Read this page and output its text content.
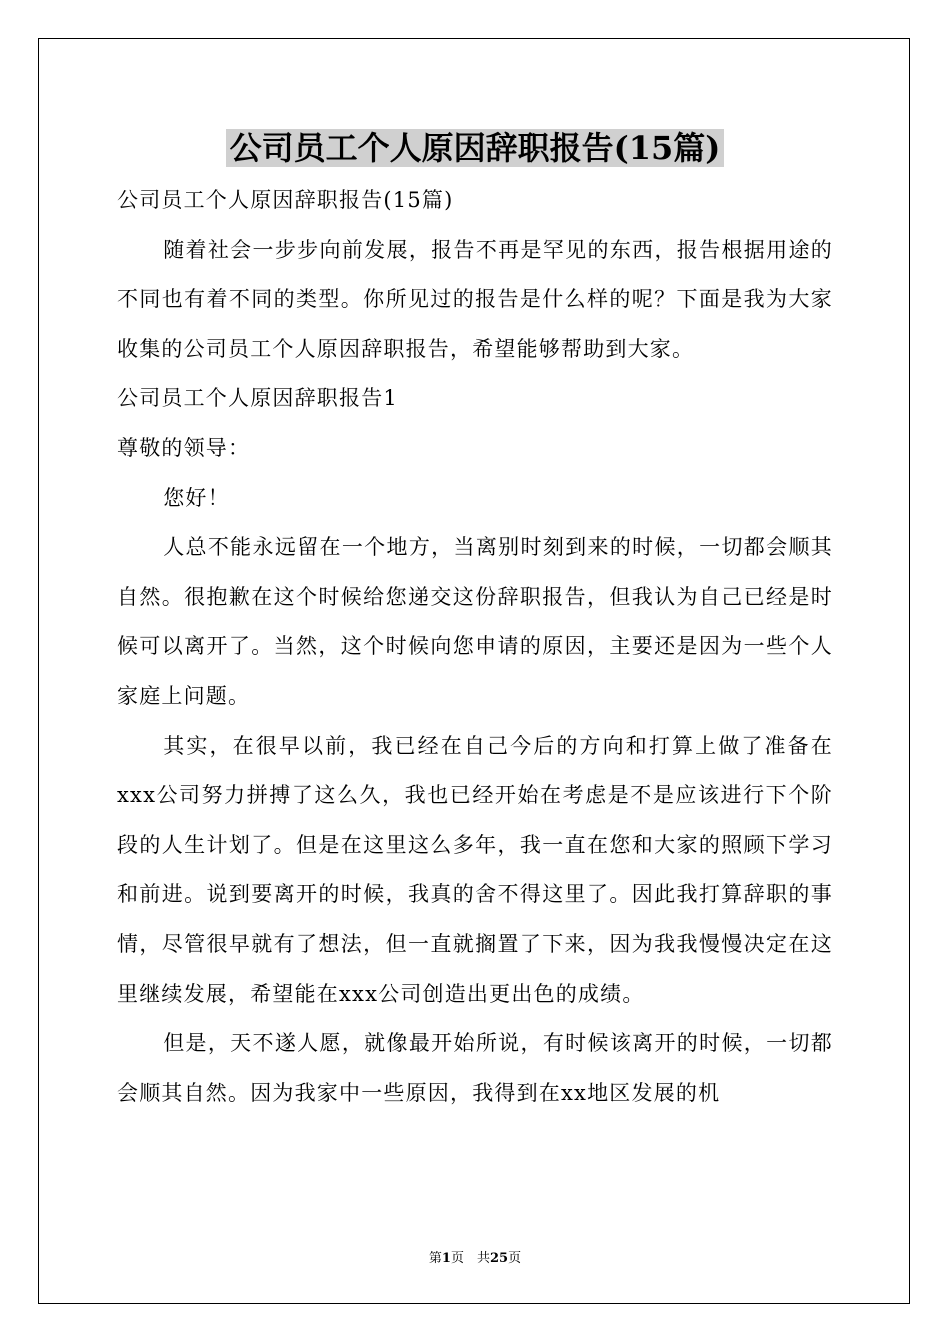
公司员工个人原因辞职报告(15篇)

公司员工个人原因辞职报告(15篇)

随着社会一步步向前发展，报告不再是罕见的东西，报告根据用途的不同也有着不同的类型。你所见过的报告是什么样的呢？下面是我为大家收集的公司员工个人原因辞职报告，希望能够帮助到大家。

公司员工个人原因辞职报告1

尊敬的领导：

您好！

人总不能永远留在一个地方，当离别时刻到来的时候，一切都会顺其自然。很抱歉在这个时候给您递交这份辞职报告，但我认为自己已经是时候可以离开了。当然，这个时候向您申请的原因，主要还是因为一些个人家庭上问题。

其实，在很早以前，我已经在自己今后的方向和打算上做了准备在xxx公司努力拼搏了这么久，我也已经开始在考虑是不是应该进行下个阶段的人生计划了。但是在这里这么多年，我一直在您和大家的照顾下学习和前进。说到要离开的时候，我真的舍不得这里了。因此我打算辞职的事情，尽管很早就有了想法，但一直就搁置了下来，因为我我慢慢决定在这里继续发展，希望能在xxx公司创造出更出色的成绩。

但是，天不遂人愿，就像最开始所说，有时候该离开的时候，一切都会顺其自然。因为我家中一些原因，我得到在xx地区发展的机

第1页　共25页
